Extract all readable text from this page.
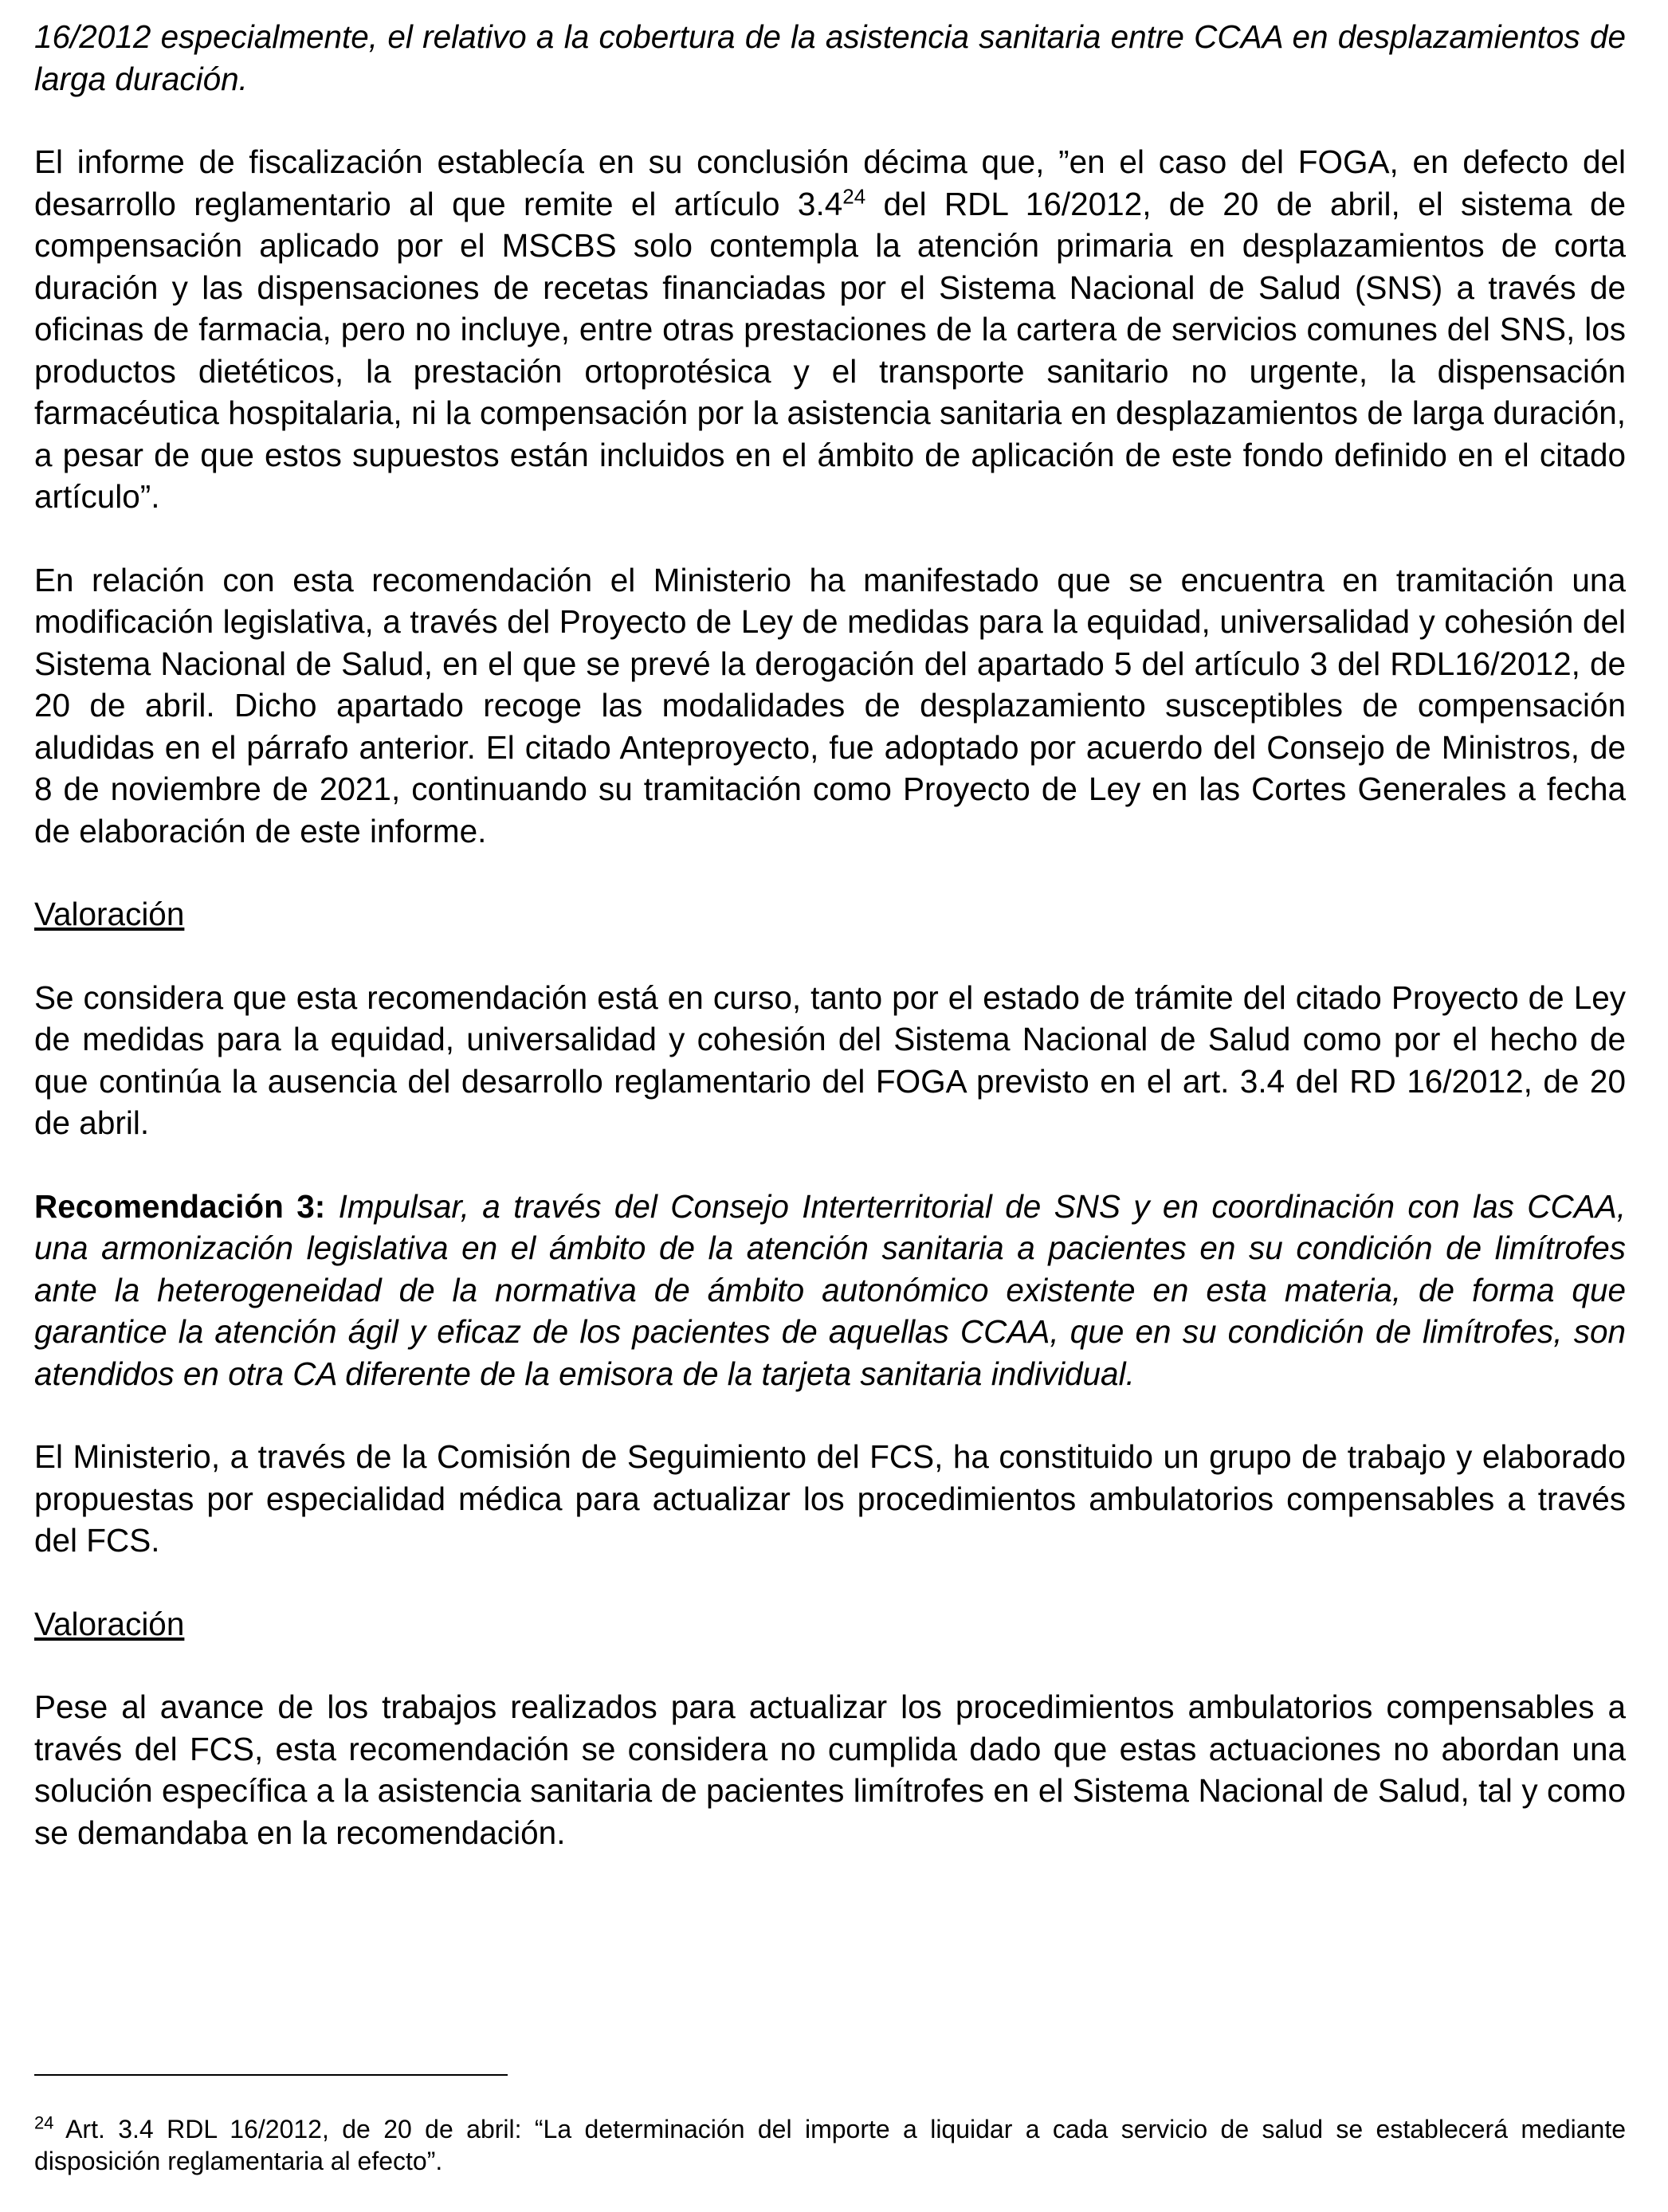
16/2012 especialmente, el relativo a la cobertura de la asistencia sanitaria entre CCAA en desplazamientos de larga duración.

El informe de fiscalización establecía en su conclusión décima que, ”en el caso del FOGA, en defecto del desarrollo reglamentario al que remite el artículo 3.4$^{24}$ del RDL 16/2012, de 20 de abril, el sistema de compensación aplicado por el MSCBS solo contempla la atención primaria en desplazamientos de corta duración y las dispensaciones de recetas financiadas por el Sistema Nacional de Salud (SNS) a través de oficinas de farmacia, pero no incluye, entre otras prestaciones de la cartera de servicios comunes del SNS, los productos dietéticos, la prestación ortoprotésica y el transporte sanitario no urgente, la dispensación farmacéutica hospitalaria, ni la compensación por la asistencia sanitaria en desplazamientos de larga duración, a pesar de que estos supuestos están incluidos en el ámbito de aplicación de este fondo definido en el citado artículo”.

En relación con esta recomendación el Ministerio ha manifestado que se encuentra en tramitación una modificación legislativa, a través del Proyecto de Ley de medidas para la equidad, universalidad y cohesión del Sistema Nacional de Salud, en el que se prevé la derogación del apartado 5 del artículo 3 del RDL16/2012, de 20 de abril. Dicho apartado recoge las modalidades de desplazamiento susceptibles de compensación aludidas en el párrafo anterior. El citado Anteproyecto, fue adoptado por acuerdo del Consejo de Ministros, de 8 de noviembre de 2021, continuando su tramitación como Proyecto de Ley en las Cortes Generales a fecha de elaboración de este informe.

Valoración

Se considera que esta recomendación está en curso, tanto por el estado de trámite del citado Proyecto de Ley de medidas para la equidad, universalidad y cohesión del Sistema Nacional de Salud como por el hecho de que continúa la ausencia del desarrollo reglamentario del FOGA previsto en el art. 3.4 del RD 16/2012, de 20 de abril.

Recomendación 3: Impulsar, a través del Consejo Interterritorial de SNS y en coordinación con las CCAA, una armonización legislativa en el ámbito de la atención sanitaria a pacientes en su condición de limítrofes ante la heterogeneidad de la normativa de ámbito autonómico existente en esta materia, de forma que garantice la atención ágil y eficaz de los pacientes de aquellas CCAA, que en su condición de limítrofes, son atendidos en otra CA diferente de la emisora de la tarjeta sanitaria individual.

El Ministerio, a través de la Comisión de Seguimiento del FCS, ha constituido un grupo de trabajo y elaborado propuestas por especialidad médica para actualizar los procedimientos ambulatorios compensables a través del FCS.

Valoración

Pese al avance de los trabajos realizados para actualizar los procedimientos ambulatorios compensables a través del FCS, esta recomendación se considera no cumplida dado que estas actuaciones no abordan una solución específica a la asistencia sanitaria de pacientes limítrofes en el Sistema Nacional de Salud, tal y como se demandaba en la recomendación.

$^{24}$ Art. 3.4 RDL 16/2012, de 20 de abril: “La determinación del importe a liquidar a cada servicio de salud se establecerá mediante disposición reglamentaria al efecto”.
